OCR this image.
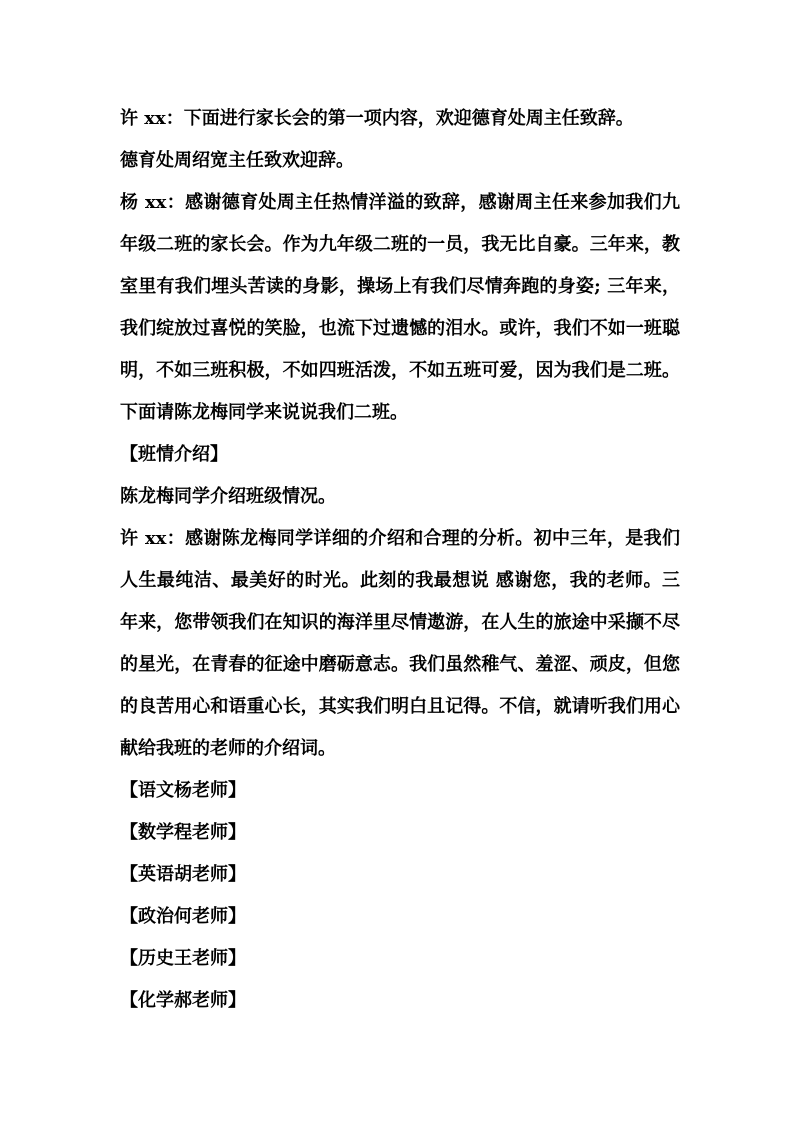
许 xx：下面进行家长会的第一项内容，欢迎德育处周主任致辞。

德育处周绍宽主任致欢迎辞。

杨 xx：感谢德育处周主任热情洋溢的致辞，感谢周主任来参加我们九年级二班的家长会。作为九年级二班的一员，我无比自豪。三年来，教室里有我们埋头苦读的身影，操场上有我们尽情奔跑的身姿; 三年来，我们绽放过喜悦的笑脸，也流下过遗憾的泪水。或许，我们不如一班聪明，不如三班积极，不如四班活泼，不如五班可爱，因为我们是二班。下面请陈龙梅同学来说说我们二班。

【班情介绍】

陈龙梅同学介绍班级情况。

许 xx：感谢陈龙梅同学详细的介绍和合理的分析。初中三年，是我们人生最纯洁、最美好的时光。此刻的我最想说 感谢您，我的老师。三年来，您带领我们在知识的海洋里尽情遨游，在人生的旅途中采撷不尽的星光，在青春的征途中磨砺意志。我们虽然稚气、羞涩、顽皮，但您的良苦用心和语重心长，其实我们明白且记得。不信，就请听我们用心献给我班的老师的介绍词。

【语文杨老师】

【数学程老师】

【英语胡老师】

【政治何老师】

【历史王老师】

【化学郝老师】
